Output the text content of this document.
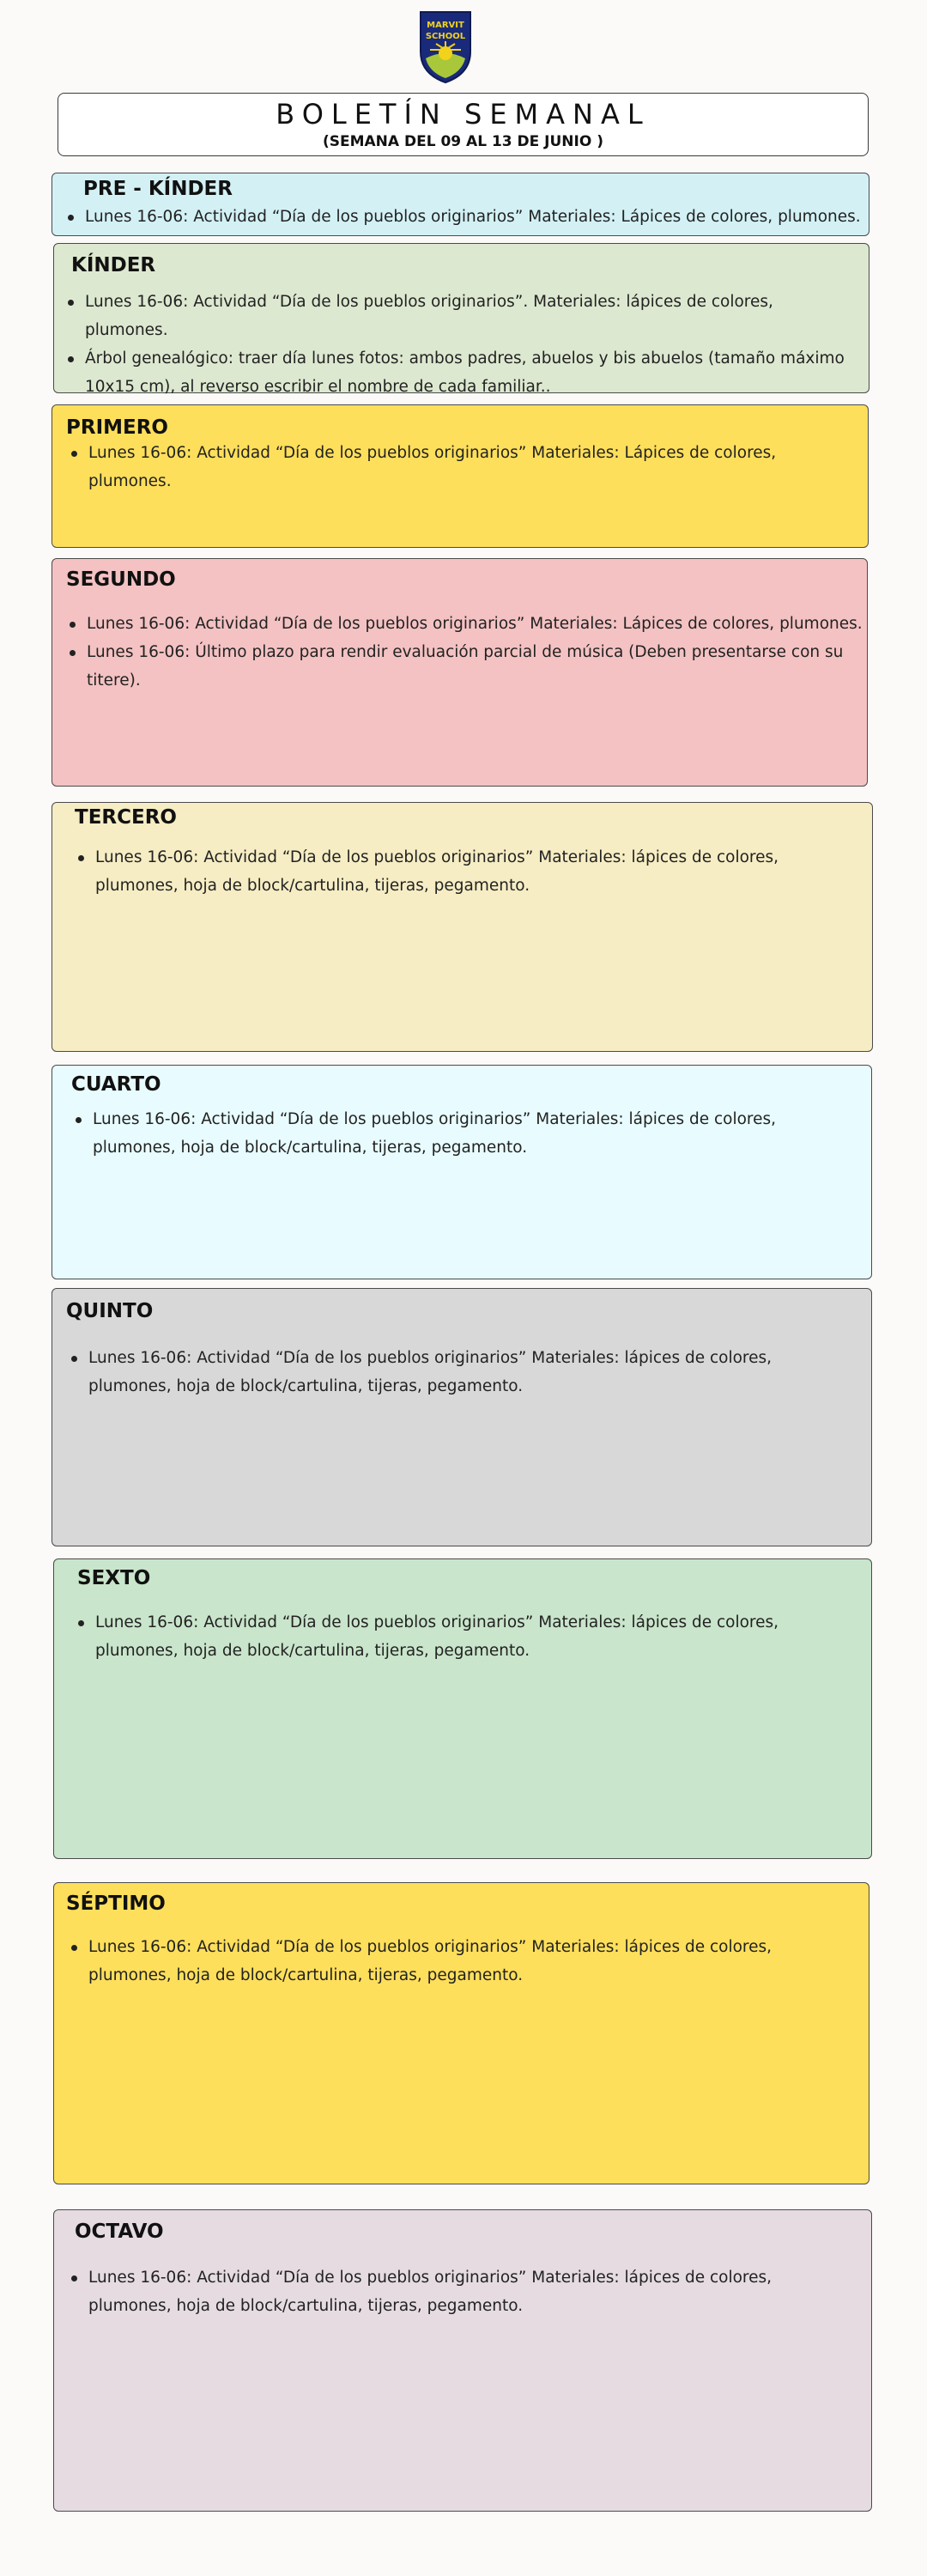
MARVIT
SCHOOL
BOLETÍN SEMANAL
(SEMANA DEL 09 AL 13 DE JUNIO )
PRE - KÍNDER
Lunes 16-06: Actividad “Día de los pueblos originarios” Materiales: Lápices de colores, plumones.
KÍNDER
Lunes 16-06: Actividad “Día de los pueblos originarios”. Materiales: lápices de colores, plumones.
Árbol genealógico: traer día lunes fotos: ambos padres, abuelos y bis abuelos (tamaño máximo 10x15 cm), al reverso escribir el nombre de cada familiar..
PRIMERO
Lunes 16-06: Actividad “Día de los pueblos originarios” Materiales: Lápices de colores, plumones.
SEGUNDO
Lunes 16-06: Actividad “Día de los pueblos originarios” Materiales: Lápices de colores, plumones.
Lunes 16-06: Último plazo para rendir evaluación parcial de música (Deben presentarse con su titere).
TERCERO
Lunes 16-06: Actividad “Día de los pueblos originarios” Materiales: lápices de colores, plumones, hoja de block/cartulina, tijeras, pegamento.
CUARTO
Lunes 16-06: Actividad “Día de los pueblos originarios” Materiales: lápices de colores, plumones, hoja de block/cartulina, tijeras, pegamento.
QUINTO
Lunes 16-06: Actividad “Día de los pueblos originarios” Materiales: lápices de colores, plumones, hoja de block/cartulina, tijeras, pegamento.
SEXTO
Lunes 16-06: Actividad “Día de los pueblos originarios” Materiales: lápices de colores, plumones, hoja de block/cartulina, tijeras, pegamento.
SÉPTIMO
Lunes 16-06: Actividad “Día de los pueblos originarios” Materiales: lápices de colores, plumones, hoja de block/cartulina, tijeras, pegamento.
OCTAVO
Lunes 16-06: Actividad “Día de los pueblos originarios” Materiales: lápices de colores, plumones, hoja de block/cartulina, tijeras, pegamento.
